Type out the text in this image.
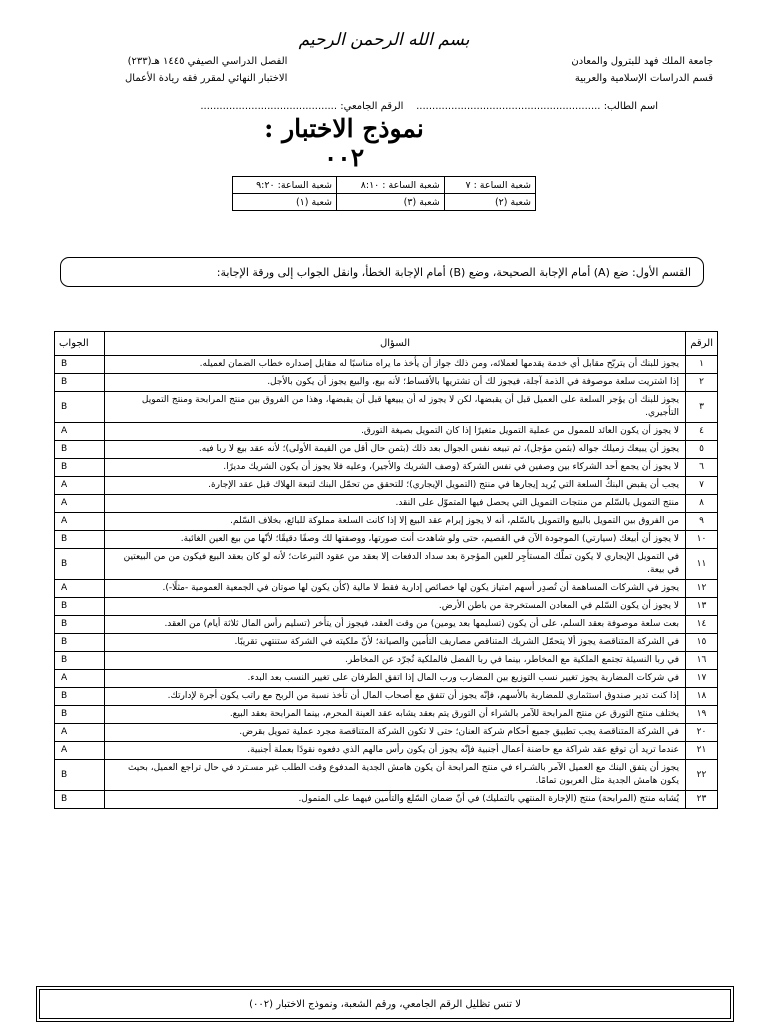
بسم الله الرحمن الرحيم
جامعة الملك فهد للبترول والمعادن
قسم الدراسات الإسلامية والعربية
الفصل الدراسي الصيفي ١٤٤٥ هـ(٢٣٣)
الاختبار النهائي لمقرر فقه ريادة الأعمال
اسم الطالب: ..........................................................    الرقم الجامعي: ...........................................
نموذج الاختبار : ٠٠٢
شعبة الساعة : ٧	شعبة الساعة : ٨:١٠	شعبة الساعة: ٩:٢٠
شعبة (٢)	شعبة (٣)	شعبة (١)
القسم الأول: ضع (A) أمام الإجابة الصحيحة، وضع (B) أمام الإجابة الخطأ، وانقل الجواب إلى ورقة الإجابة:
الرقم	السؤال	الجواب
١	يجوز للبنك أن يتربّح مقابل أي خدمة يقدمها لعملائه، ومن ذلك جواز أن يأخذ ما يراه مناسبًا له مقابل إصداره خطاب الضمان لعميله.	B
٢	إذا اشتريت سلعة موصوفة في الذمة آجلة، فيجوز لك أن تشتريها بالأقساط؛ لأنه بيع، والبيع يجوز أن يكون بالأجل.	B
٣	يجوز للبنك أن يؤجر السلعة على العميل قبل أن يقبضها، لكن لا يجوز له أن يبيعها قبل أن يقبضها، وهذا من الفروق بين منتج المرابحة ومنتج التمويل التأجيري.	B
٤	لا يجوز أن يكون العائد للممول من عملية التمويل متغيرًا إذا كان التمويل بصيغة التورق.	A
٥	يجوز أن يبيعك زميلك جواله (بثمن مؤجل)، ثم تبيعه نفس الجوال بعد ذلك (بثمن حال أقل من القيمة الأولى)؛ لأنه عقد بيع لا ربا فيه.	B
٦	لا يجوز أن يجمع أحد الشركاء بين وصفين في نفس الشركة (وصف الشريك والأجير)، وعليه فلا يجوز أن يكون الشريك مديرًا.	B
٧	يجب أن يقبض البنكُ السلعة التي يُريد إيجارها في منتج (التمويل الإيجاري)؛ للتحقق من تحمّل البنك لتبعة الهلاك قبل عقد الإجارة.	A
٨	منتج التمويل بالسّلم من منتجات التمويل التي يحصل فيها المتموّل على النقد.	A
٩	من الفروق بين التمويل بالبيع والتمويل بالسّلم، أنه لا يجوز إبرام عقد البيع إلا إذا كانت السلعة مملوكة للبائع، بخلاف السّلم.	A
١٠	لا يجوز أن أبيعك (سيارتي) الموجودة الآن في القصيم، حتى ولو شاهدت أنت صورتها، ووصفتها لك وصفًا دقيقًا؛ لأنّها من بيع العين الغائبة.	B
١١	في التمويل الإيجاري لا يكون تملّك المستأجِر للعين المؤجرة بعد سداد الدفعات إلا بعقد من عقود التبرعات؛ لأنه لو كان بعقد البيع فيكون من من البيعتين في بيعة.	B
١٢	يجوز في الشركات المساهمة أن تُصدِر أسهم امتياز يكون لها خصائص إدارية فقط لا مالية (كأن يكون لها صوتان في الجمعية العمومية -مثلًا-).	A
١٣	لا يجوز أن يكون السّلم في المعادن المستخرجة من باطن الأرض.	B
١٤	بعت سلعة موصوفة بعقد السلم، على أن يكون (تسليمها بعد يومين) من وقت العقد، فيجوز أن يتأخر (تسليم رأس المال ثلاثة أيام) من العقد.	B
١٥	في الشركة المتناقصة يجوز ألا يتحمّل الشريك المتناقص مصاريف التأمين والصيانة؛ لأنّ ملكيته في الشركة ستنتهي تقريبًا.	B
١٦	في ربا النسيئة تجتمع الملكية مع المخاطر، بينما في ربا الفضل فالملكية تُجرّد عن المخاطر.	B
١٧	في شركات المضاربة يجوز تغيير نسب التوزيع بين المضارب ورب المال إذا اتفق الطرفان على تغيير النسب بعد البدء.	A
١٨	إذا كنت تدير صندوق استثماري للمضاربة بالأسهم، فإنّه يجوز أن تتفق مع أصحاب المال أن تأخذ نسبة من الربح مع راتب يكون أجرة لإدارتك.	B
١٩	يختلف منتج التورق عن منتج المرابحة للآمر بالشراء أن التورق يتم بعقد يشابه عقد العينة المحرم، بينما المرابحة بعقد البيع.	B
٢٠	في الشركة المتناقصة يجب تطبيق جميع أحكام شركة العنان؛ حتى لا تكون الشركة المتناقصة مجرد عملية تمويل بقرض.	A
٢١	عندما تريد أن توقع عقد شراكة مع حاضنة أعمال أجنبية فإنّه يجوز أن يكون رأس مالهم الذي دفعوه نقودًا بعملة أجنبية.	A
٢٢	يجوز أن يتفق البنك مع العميل الآمر بالشـراء في منتج المرابحة أن يكون هامش الجدية المدفوع وقت الطلب غير مسـترد في حال تراجع العميل، بحيث يكون هامش الجدية مثل العربون تمامًا.	B
٢٣	يُشابه منتج (المرابحة) منتج (الإجارة المنتهي بالتمليك) في أنّ ضمان السّلع والتأمين فيهما على المتمول.	B
لا تنس تظليل الرقم الجامعي، ورقم الشعبة، ونموذج الاختبار (٠٠٢)
